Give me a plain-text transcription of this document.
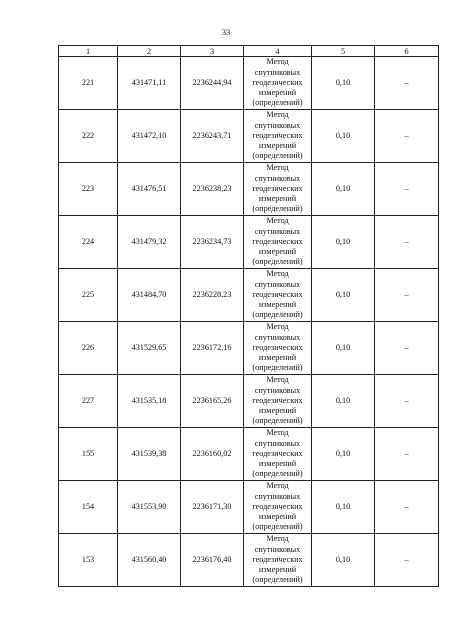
33
1	2	3	4	5	6
221	431471,11	2236244,94	Метод
спутниковых
геодезических
измерений
(определений)	0,10	–
222	431472,10	2236243,71	Метод
спутниковых
геодезических
измерений
(определений)	0,10	–
223	431476,51	2236238,23	Метод
спутниковых
геодезических
измерений
(определений)	0,10	–
224	431479,32	2236234,73	Метод
спутниковых
геодезических
измерений
(определений)	0,10	–
225	431484,70	2236228,23	Метод
спутниковых
геодезических
измерений
(определений)	0,10	–
226	431529,65	2236172,16	Метод
спутниковых
геодезических
измерений
(определений)	0,10	–
227	431535,18	2236165,26	Метод
спутниковых
геодезических
измерений
(определений)	0,10	–
155	431539,38	2236160,02	Метод
спутниковых
геодезических
измерений
(определений)	0,10	–
154	431553,90	2236171,30	Метод
спутниковых
геодезических
измерений
(определений)	0,10	–
153	431560,40	2236176,40	Метод
спутниковых
геодезических
измерений
(определений)	0,10	–
